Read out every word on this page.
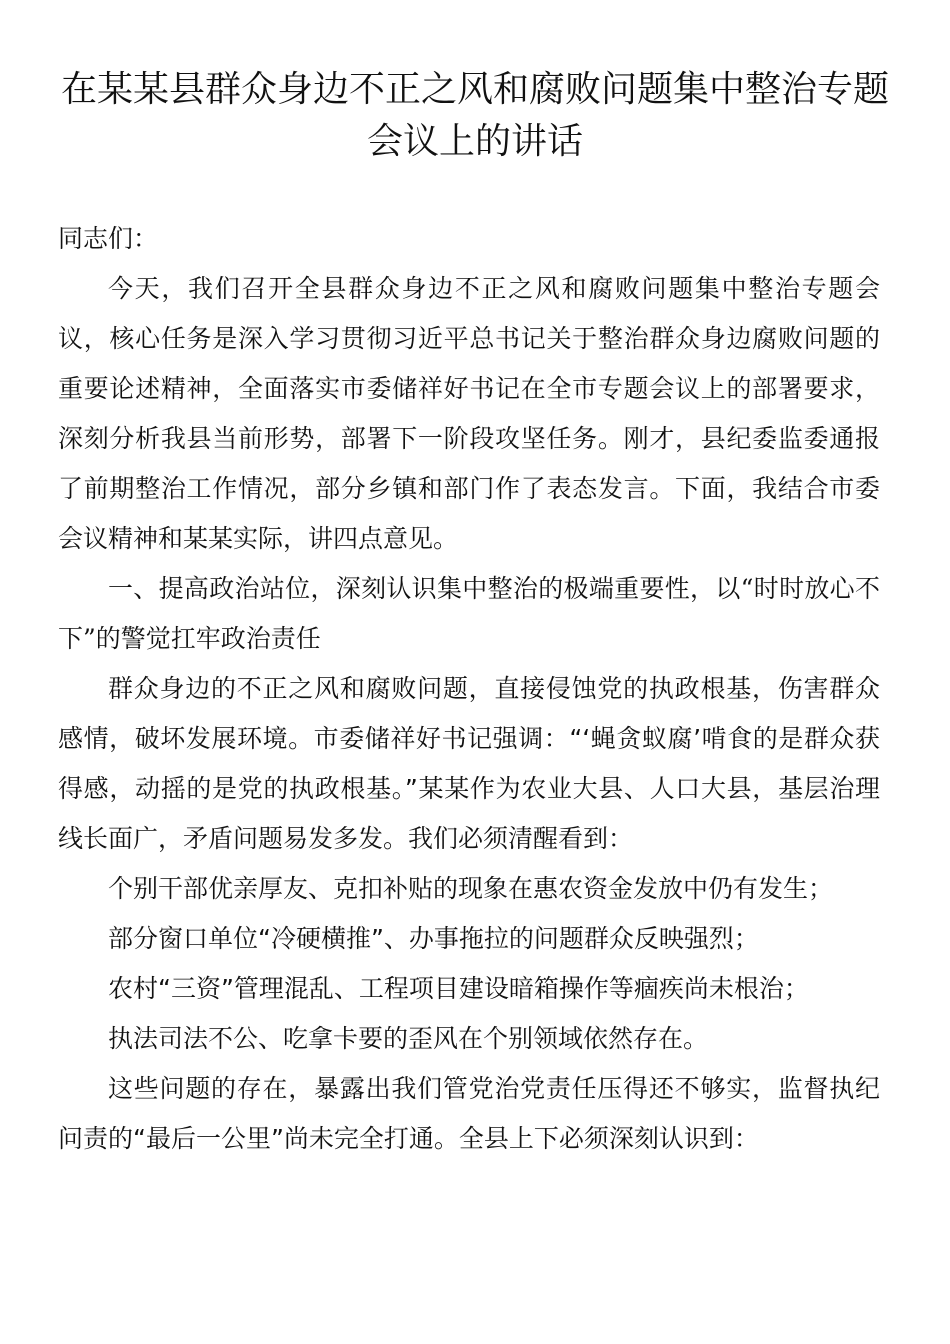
在某某县群众身边不正之风和腐败问题集中整治专题会议上的讲话

同志们：

今天，我们召开全县群众身边不正之风和腐败问题集中整治专题会议，核心任务是深入学习贯彻习近平总书记关于整治群众身边腐败问题的重要论述精神，全面落实市委储祥好书记在全市专题会议上的部署要求，深刻分析我县当前形势，部署下一阶段攻坚任务。刚才，县纪委监委通报了前期整治工作情况，部分乡镇和部门作了表态发言。下面，我结合市委会议精神和某某实际，讲四点意见。

一、提高政治站位，深刻认识集中整治的极端重要性，以“时时放心不下”的警觉扛牢政治责任

群众身边的不正之风和腐败问题，直接侵蚀党的执政根基，伤害群众感情，破坏发展环境。市委储祥好书记强调：“‘蝇贪蚁腐’啃食的是群众获得感，动摇的是党的执政根基。”某某作为农业大县、人口大县，基层治理线长面广，矛盾问题易发多发。我们必须清醒看到：

个别干部优亲厚友、克扣补贴的现象在惠农资金发放中仍有发生；

部分窗口单位“冷硬横推”、办事拖拉的问题群众反映强烈；

农村“三资”管理混乱、工程项目建设暗箱操作等痼疾尚未根治；

执法司法不公、吃拿卡要的歪风在个别领域依然存在。

这些问题的存在，暴露出我们管党治党责任压得还不够实，监督执纪问责的“最后一公里”尚未完全打通。全县上下必须深刻认识到：
